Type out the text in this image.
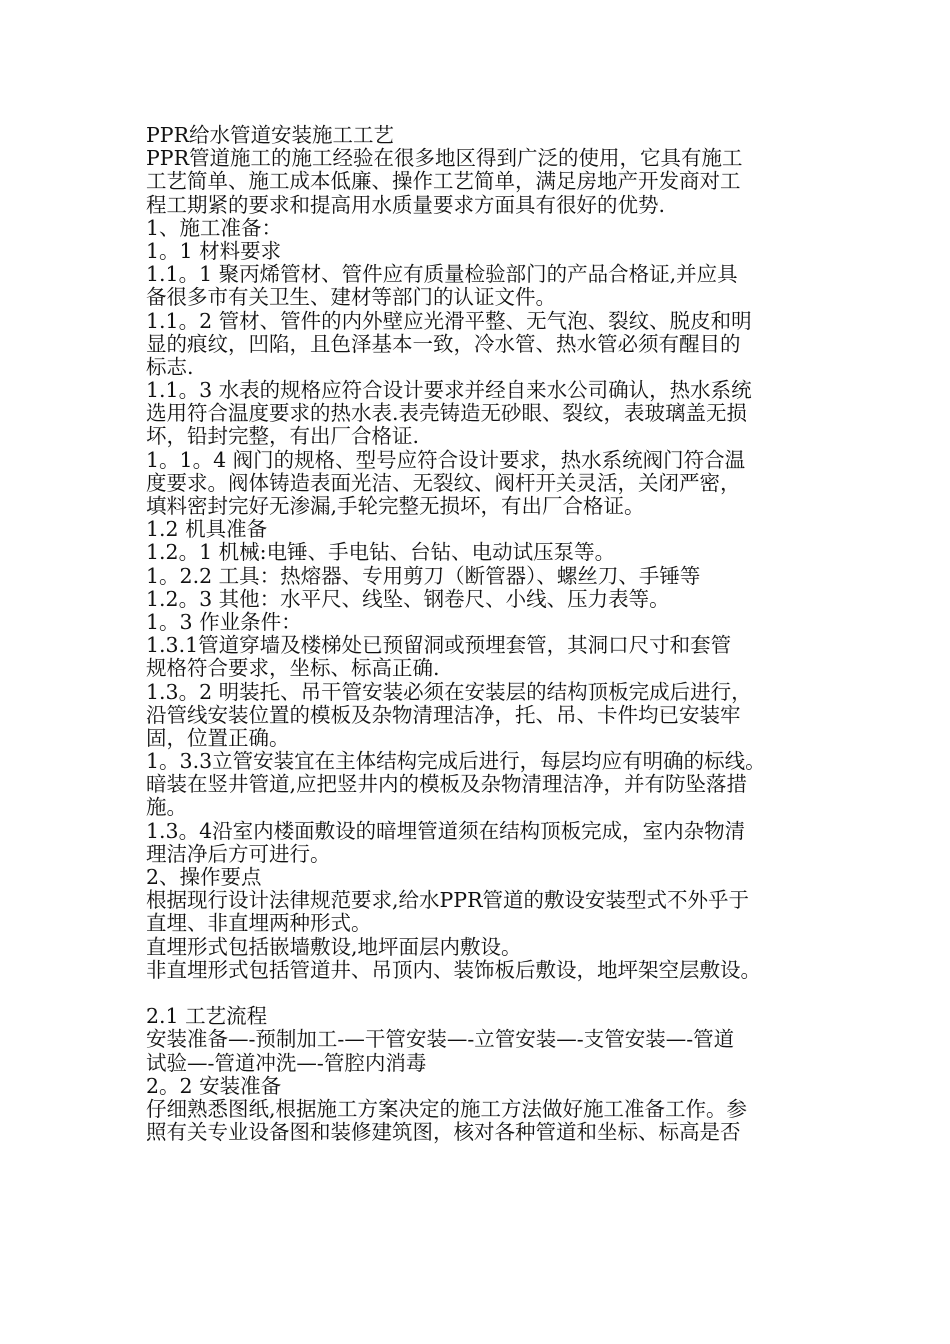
PPR给水管道安装施工工艺
PPR管道施工的施工经验在很多地区得到广泛的使用，它具有施工
工艺简单、施工成本低廉、操作工艺简单，满足房地产开发商对工
程工期紧的要求和提高用水质量要求方面具有很好的优势.
1、施工准备：
1。1 材料要求
1.1。1 聚丙烯管材、管件应有质量检验部门的产品合格证,并应具
备很多市有关卫生、建材等部门的认证文件。
1.1。2 管材、管件的内外壁应光滑平整、无气泡、裂纹、脱皮和明
显的痕纹，凹陷，且色泽基本一致，冷水管、热水管必须有醒目的
标志.
1.1。3 水表的规格应符合设计要求并经自来水公司确认，热水系统
选用符合温度要求的热水表.表壳铸造无砂眼、裂纹，表玻璃盖无损
坏，铅封完整，有出厂合格证.
1。1。4 阀门的规格、型号应符合设计要求，热水系统阀门符合温
度要求。阀体铸造表面光洁、无裂纹、阀杆开关灵活，关闭严密，
填料密封完好无渗漏,手轮完整无损坏，有出厂合格证。
1.2 机具准备
1.2。1 机械:电锤、手电钻、台钻、电动试压泵等。
1。2.2 工具：热熔器、专用剪刀（断管器）、螺丝刀、手锤等
1.2。3 其他：水平尺、线坠、钢卷尺、小线、压力表等。
1。3 作业条件：
1.3.1管道穿墙及楼梯处已预留洞或预埋套管，其洞口尺寸和套管
规格符合要求，坐标、标高正确.
1.3。2 明装托、吊干管安装必须在安装层的结构顶板完成后进行，
沿管线安装位置的模板及杂物清理洁净，托、吊、卡件均已安装牢
固，位置正确。
1。3.3立管安装宜在主体结构完成后进行，每层均应有明确的标线。
暗装在竖井管道,应把竖井内的模板及杂物清理洁净，并有防坠落措
施。
1.3。4沿室内楼面敷设的暗埋管道须在结构顶板完成，室内杂物清
理洁净后方可进行。
2、操作要点
根据现行设计法律规范要求,给水PPR管道的敷设安装型式不外乎于
直埋、非直埋两种形式。
直埋形式包括嵌墙敷设,地坪面层内敷设。
非直埋形式包括管道井、吊顶内、装饰板后敷设，地坪架空层敷设。
2.1 工艺流程
安装准备—-预制加工-—干管安装—-立管安装—-支管安装—-管道
试验—-管道冲洗—-管腔内消毒
2。2 安装准备
仔细熟悉图纸,根据施工方案决定的施工方法做好施工准备工作。参
照有关专业设备图和装修建筑图，核对各种管道和坐标、标高是否
